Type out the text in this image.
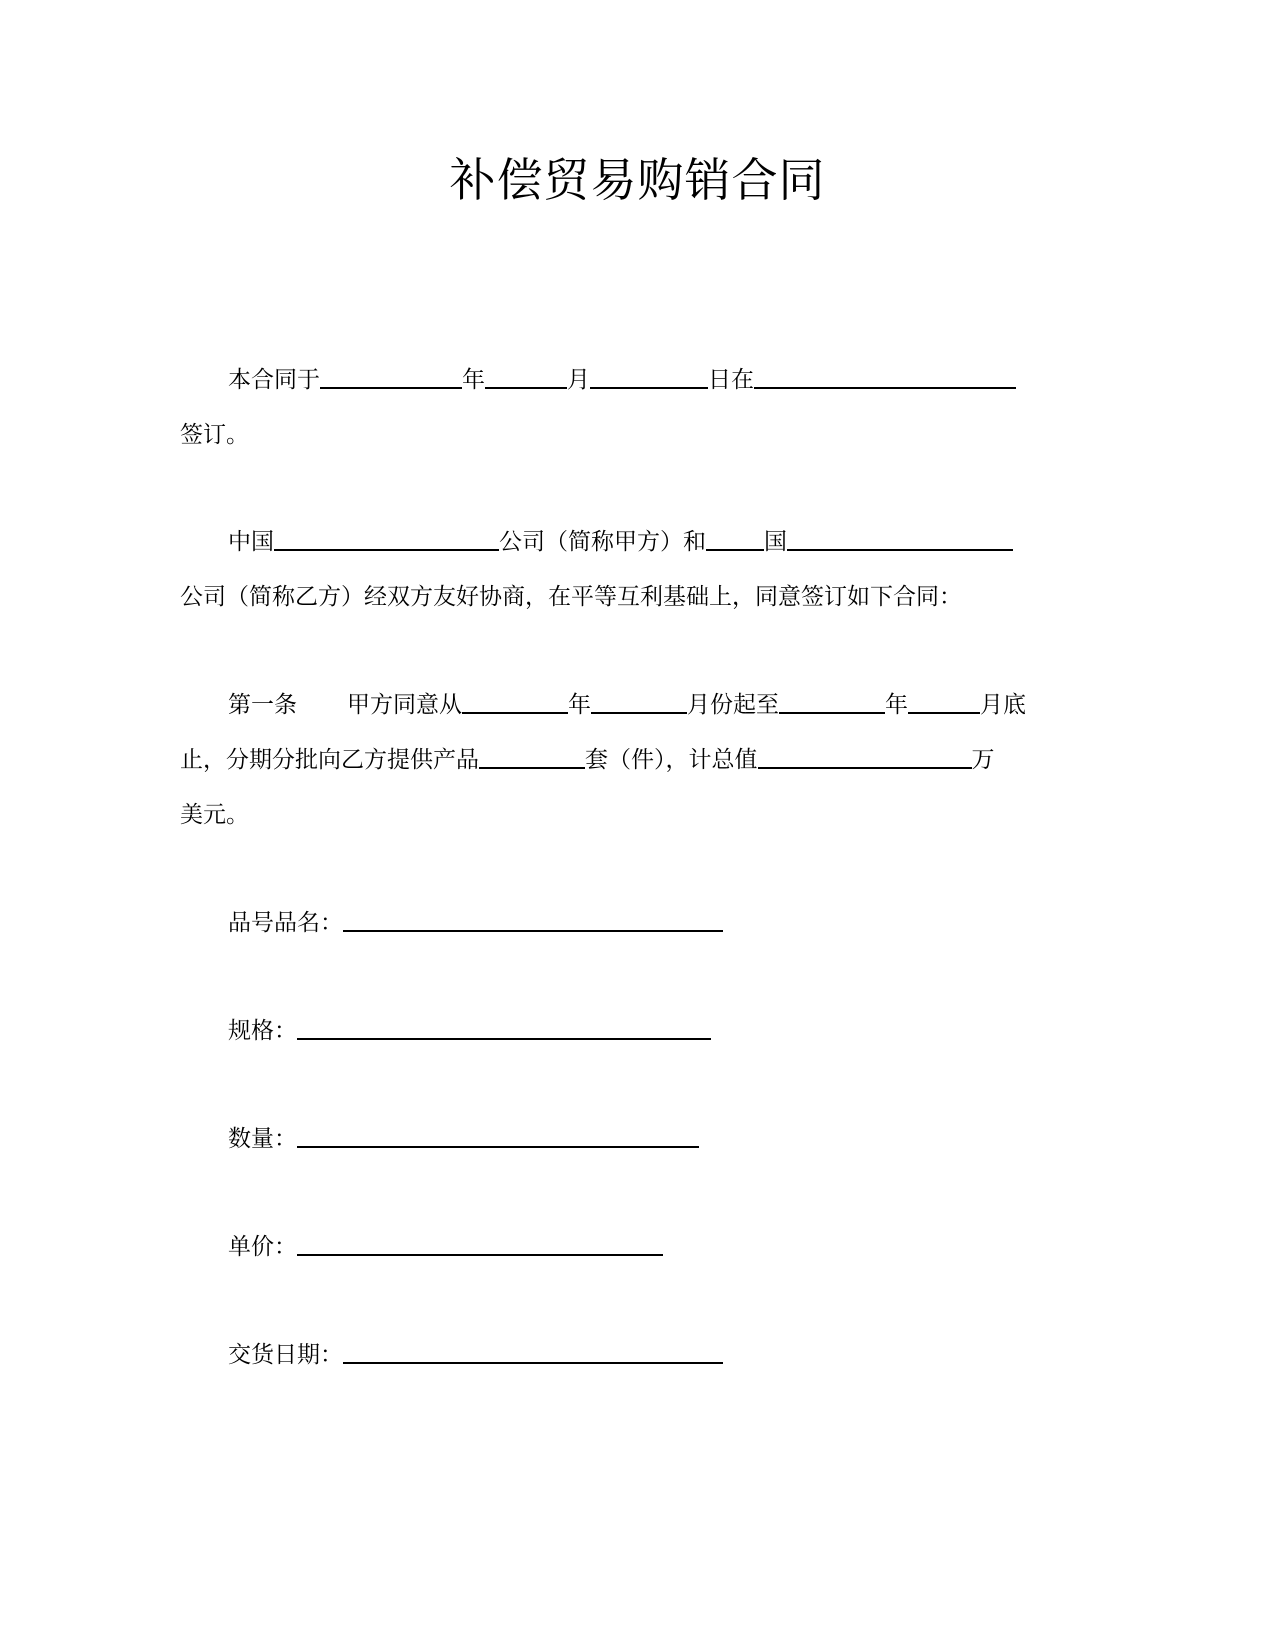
补偿贸易购销合同
本合同于	年	月	日在
签订。
中国	公司（简称甲方）和	国
公司（简称乙方）经双方友好协商，在平等互利基础上，同意签订如下合同：
第一条 甲方同意从	年	月份起至	年	月底
止，分期分批向乙方提供产品	套（件），计总值	万
美元。
品号品名：
规格：
数量：
单价：
交货日期：
